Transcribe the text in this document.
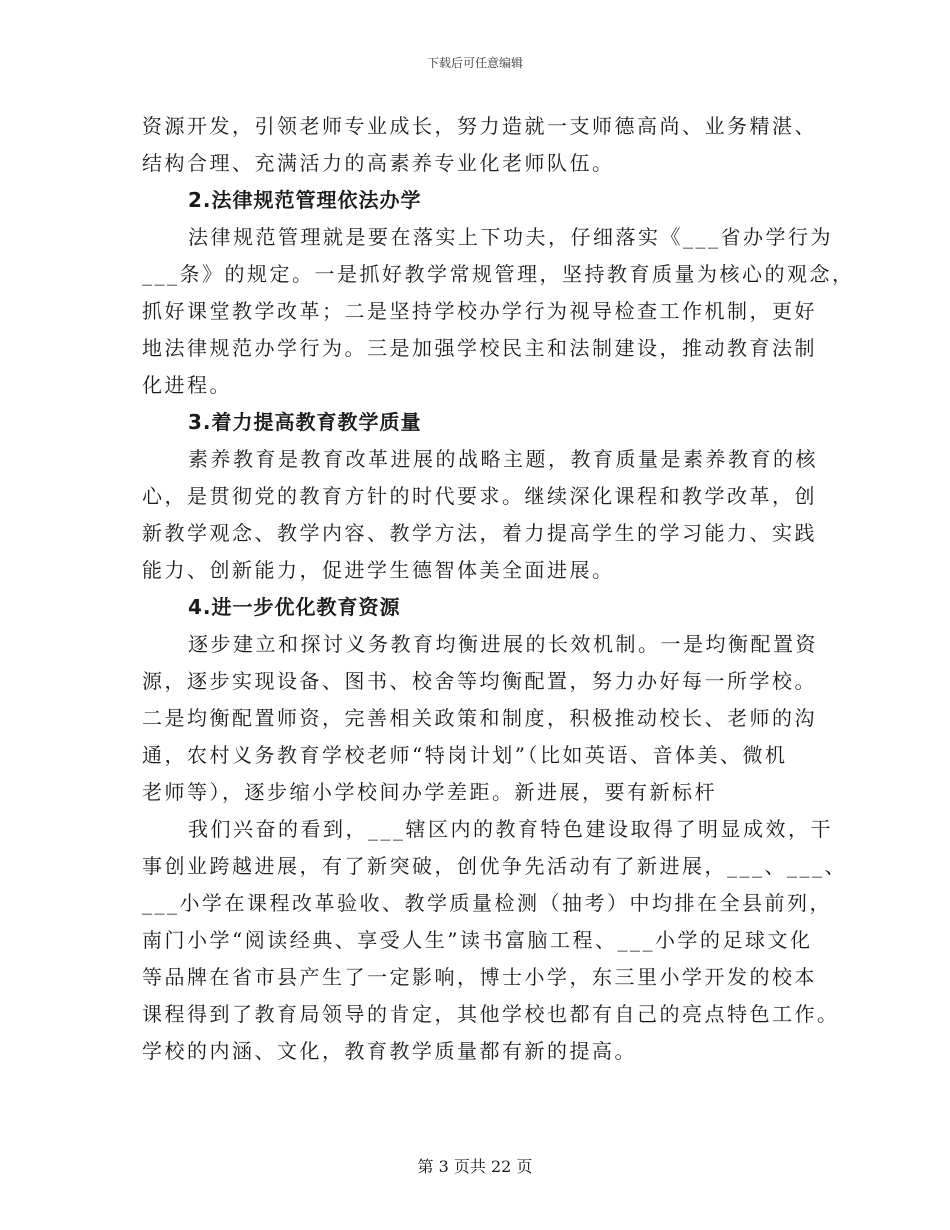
下载后可任意编辑
资源开发，引领老师专业成长，努力造就一支师德高尚、业务精湛、
结构合理、充满活力的高素养专业化老师队伍。
2.法律规范管理依法办学
法律规范管理就是要在落实上下功夫，仔细落实《___省办学行为
___条》的规定。一是抓好教学常规管理，坚持教育质量为核心的观念，
抓好课堂教学改革；二是坚持学校办学行为视导检查工作机制，更好
地法律规范办学行为。三是加强学校民主和法制建设，推动教育法制
化进程。
3.着力提高教育教学质量
素养教育是教育改革进展的战略主题，教育质量是素养教育的核
心，是贯彻党的教育方针的时代要求。继续深化课程和教学改革，创
新教学观念、教学内容、教学方法，着力提高学生的学习能力、实践
能力、创新能力，促进学生德智体美全面进展。
4.进一步优化教育资源
逐步建立和探讨义务教育均衡进展的长效机制。一是均衡配置资
源，逐步实现设备、图书、校舍等均衡配置，努力办好每一所学校。
二是均衡配置师资，完善相关政策和制度，积极推动校长、老师的沟
通，农村义务教育学校老师“特岗计划”（比如英语、音体美、微机
老师等），逐步缩小学校间办学差距。新进展，要有新标杆
我们兴奋的看到，___辖区内的教育特色建设取得了明显成效，干
事创业跨越进展，有了新突破，创优争先活动有了新进展，___、___、
___小学在课程改革验收、教学质量检测（抽考）中均排在全县前列，
南门小学“阅读经典、享受人生”读书富脑工程、___小学的足球文化
等品牌在省市县产生了一定影响，博士小学，东三里小学开发的校本
课程得到了教育局领导的肯定，其他学校也都有自己的亮点特色工作。
学校的内涵、文化，教育教学质量都有新的提高。
第 3 页共 22 页
